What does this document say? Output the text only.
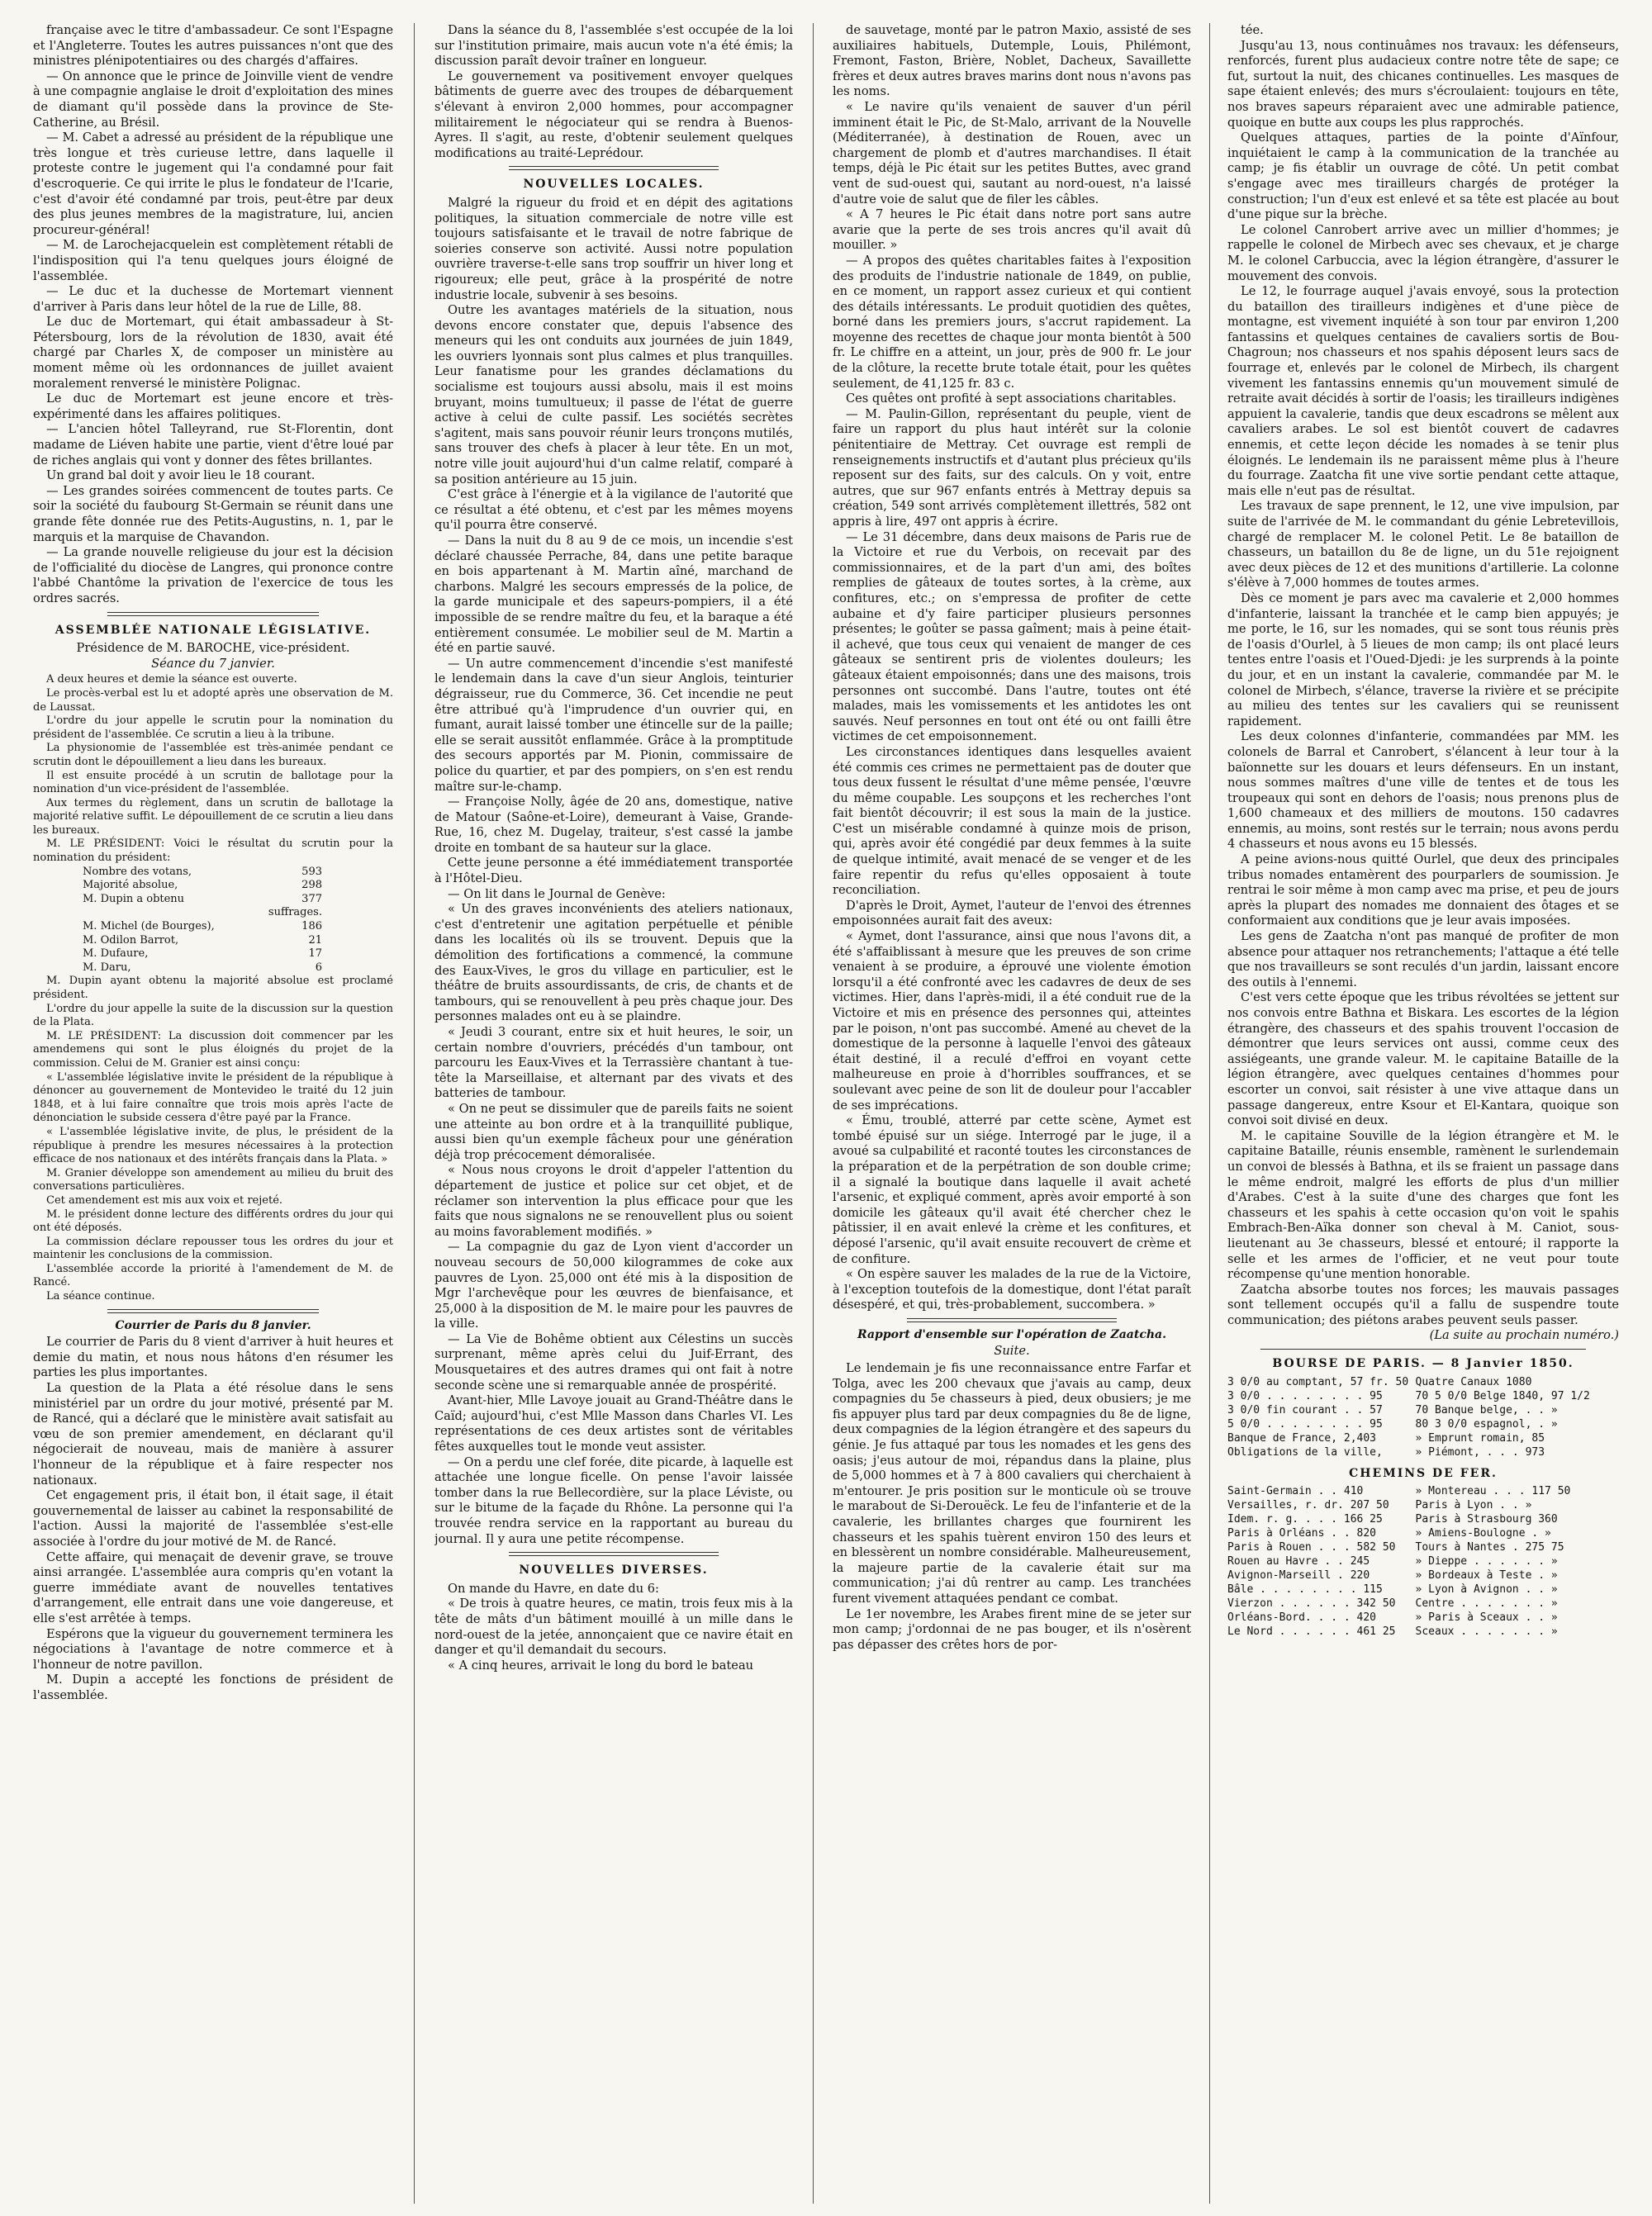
française avec le titre d'ambassadeur. Ce sont l'Espagne et l'Angleterre. Toutes les autres puissances n'ont que des ministres plénipotentiaires ou des chargés d'affaires.

— On annonce que le prince de Joinville vient de vendre à une compagnie anglaise le droit d'exploitation des mines de diamant qu'il possède dans la province de Ste-Catherine, au Brésil.

— M. Cabet a adressé au président de la république une très longue et très curieuse lettre, dans laquelle il proteste contre le jugement qui l'a condamné pour fait d'escroquerie. Ce qui irrite le plus le fondateur de l'Icarie, c'est d'avoir été condamné par trois, peut-être par deux des plus jeunes membres de la magistrature, lui, ancien procureur-général!

— M. de Larochejacquelein est complètement rétabli de l'indisposition qui l'a tenu quelques jours éloigné de l'assemblée.

— Le duc et la duchesse de Mortemart viennent d'arriver à Paris dans leur hôtel de la rue de Lille, 88.

Le duc de Mortemart, qui était ambassadeur à St-Pétersbourg, lors de la révolution de 1830, avait été chargé par Charles X, de composer un ministère au moment même où les ordonnances de juillet avaient moralement renversé le ministère Polignac.

Le duc de Mortemart est jeune encore et très-expérimenté dans les affaires politiques.

— L'ancien hôtel Talleyrand, rue St-Florentin, dont madame de Liéven habite une partie, vient d'être loué par de riches anglais qui vont y donner des fêtes brillantes.

Un grand bal doit y avoir lieu le 18 courant.

— Les grandes soirées commencent de toutes parts. Ce soir la société du faubourg St-Germain se réunit dans une grande fête donnée rue des Petits-Augustins, n. 1, par le marquis et la marquise de Chavandon.

— La grande nouvelle religieuse du jour est la décision de l'officialité du diocèse de Langres, qui prononce contre l'abbé Chantôme la privation de l'exercice de tous les ordres sacrés.

ASSEMBLÉE NATIONALE LÉGISLATIVE.
Présidence de M. BAROCHE, vice-président.
Séance du 7 janvier.

A deux heures et demie la séance est ouverte.

Le procès-verbal est lu et adopté après une observation de M. de Laussat.

L'ordre du jour appelle le scrutin pour la nomination du président de l'assemblée. Ce scrutin a lieu à la tribune.

La physionomie de l'assemblée est très-animée pendant ce scrutin dont le dépouillement a lieu dans les bureaux.

Il est ensuite procédé à un scrutin de ballotage pour la nomination d'un vice-président de l'assemblée.

Aux termes du règlement, dans un scrutin de ballotage la majorité relative suffit. Le dépouillement de ce scrutin a lieu dans les bureaux.

M. LE PRÉSIDENT: Voici le résultat du scrutin pour la nomination du président:

Nombre des votans,	593
Majorité absolue,	298
M. Dupin a obtenu	377 suffrages.
M. Michel (de Bourges),	186
M. Odilon Barrot,	21
M. Dufaure,	17
M. Daru,	6

M. Dupin ayant obtenu la majorité absolue est proclamé président.

L'ordre du jour appelle la suite de la discussion sur la question de la Plata.

M. LE PRÉSIDENT: La discussion doit commencer par les amendemens qui sont le plus éloignés du projet de la commission. Celui de M. Granier est ainsi conçu:

« L'assemblée législative invite le président de la république à dénoncer au gouvernement de Montevideo le traité du 12 juin 1848, et à lui faire connaître que trois mois après l'acte de dénonciation le subside cessera d'être payé par la France.

« L'assemblée législative invite, de plus, le président de la république à prendre les mesures nécessaires à la protection efficace de nos nationaux et des intérêts français dans la Plata. »

M. Granier développe son amendement au milieu du bruit des conversations particulières.

Cet amendement est mis aux voix et rejeté.

M. le président donne lecture des différents ordres du jour qui ont été déposés.

La commission déclare repousser tous les ordres du jour et maintenir les conclusions de la commission.

L'assemblée accorde la priorité à l'amendement de M. de Rancé.

La séance continue.

Courrier de Paris du 8 janvier.

Le courrier de Paris du 8 vient d'arriver à huit heures et demie du matin, et nous nous hâtons d'en résumer les parties les plus importantes.

La question de la Plata a été résolue dans le sens ministériel par un ordre du jour motivé, présenté par M. de Rancé, qui a déclaré que le ministère avait satisfait au vœu de son premier amendement, en déclarant qu'il négocierait de nouveau, mais de manière à assurer l'honneur de la république et à faire respecter nos nationaux.

Cet engagement pris, il était bon, il était sage, il était gouvernemental de laisser au cabinet la responsabilité de l'action. Aussi la majorité de l'assemblée s'est-elle associée à l'ordre du jour motivé de M. de Rancé.

Cette affaire, qui menaçait de devenir grave, se trouve ainsi arrangée. L'assemblée aura compris qu'en votant la guerre immédiate avant de nouvelles tentatives d'arrangement, elle entrait dans une voie dangereuse, et elle s'est arrêtée à temps.

Espérons que la vigueur du gouvernement terminera les négociations à l'avantage de notre commerce et à l'honneur de notre pavillon.

M. Dupin a accepté les fonctions de président de l'assemblée.

Dans la séance du 8, l'assemblée s'est occupée de la loi sur l'institution primaire, mais aucun vote n'a été émis; la discussion paraît devoir traîner en longueur.

Le gouvernement va positivement envoyer quelques bâtiments de guerre avec des troupes de débarquement s'élevant à environ 2,000 hommes, pour accompagner militairement le négociateur qui se rendra à Buenos-Ayres. Il s'agit, au reste, d'obtenir seulement quelques modifications au traité-Leprédour.

NOUVELLES LOCALES.

Malgré la rigueur du froid et en dépit des agitations politiques, la situation commerciale de notre ville est toujours satisfaisante et le travail de notre fabrique de soieries conserve son activité. Aussi notre population ouvrière traverse-t-elle sans trop souffrir un hiver long et rigoureux; elle peut, grâce à la prospérité de notre industrie locale, subvenir à ses besoins.

Outre les avantages matériels de la situation, nous devons encore constater que, depuis l'absence des meneurs qui les ont conduits aux journées de juin 1849, les ouvriers lyonnais sont plus calmes et plus tranquilles. Leur fanatisme pour les grandes déclamations du socialisme est toujours aussi absolu, mais il est moins bruyant, moins tumultueux; il passe de l'état de guerre active à celui de culte passif. Les sociétés secrètes s'agitent, mais sans pouvoir réunir leurs tronçons mutilés, sans trouver des chefs à placer à leur tête. En un mot, notre ville jouit aujourd'hui d'un calme relatif, comparé à sa position antérieure au 15 juin.

C'est grâce à l'énergie et à la vigilance de l'autorité que ce résultat a été obtenu, et c'est par les mêmes moyens qu'il pourra être conservé.

— Dans la nuit du 8 au 9 de ce mois, un incendie s'est déclaré chaussée Perrache, 84, dans une petite baraque en bois appartenant à M. Martin aîné, marchand de charbons. Malgré les secours empressés de la police, de la garde municipale et des sapeurs-pompiers, il a été impossible de se rendre maître du feu, et la baraque a été entièrement consumée. Le mobilier seul de M. Martin a été en partie sauvé.

— Un autre commencement d'incendie s'est manifesté le lendemain dans la cave d'un sieur Anglois, teinturier dégraisseur, rue du Commerce, 36. Cet incendie ne peut être attribué qu'à l'imprudence d'un ouvrier qui, en fumant, aurait laissé tomber une étincelle sur de la paille; elle se serait aussitôt enflammée. Grâce à la promptitude des secours apportés par M. Pionin, commissaire de police du quartier, et par des pompiers, on s'en est rendu maître sur-le-champ.

— Françoise Nolly, âgée de 20 ans, domestique, native de Matour (Saône-et-Loire), demeurant à Vaise, Grande-Rue, 16, chez M. Dugelay, traiteur, s'est cassé la jambe droite en tombant de sa hauteur sur la glace.

Cette jeune personne a été immédiatement transportée à l'Hôtel-Dieu.

— On lit dans le Journal de Genève:

« Un des graves inconvénients des ateliers nationaux, c'est d'entretenir une agitation perpétuelle et pénible dans les localités où ils se trouvent. Depuis que la démolition des fortifications a commencé, la commune des Eaux-Vives, le gros du village en particulier, est le théâtre de bruits assourdissants, de cris, de chants et de tambours, qui se renouvellent à peu près chaque jour. Des personnes malades ont eu à se plaindre.

« Jeudi 3 courant, entre six et huit heures, le soir, un certain nombre d'ouvriers, précédés d'un tambour, ont parcouru les Eaux-Vives et la Terrassière chantant à tue-tête la Marseillaise, et alternant par des vivats et des batteries de tambour.

« On ne peut se dissimuler que de pareils faits ne soient une atteinte au bon ordre et à la tranquillité publique, aussi bien qu'un exemple fâcheux pour une génération déjà trop précocement démoralisée.

« Nous nous croyons le droit d'appeler l'attention du département de justice et police sur cet objet, et de réclamer son intervention la plus efficace pour que les faits que nous signalons ne se renouvellent plus ou soient au moins favorablement modifiés. »

— La compagnie du gaz de Lyon vient d'accorder un nouveau secours de 50,000 kilogrammes de coke aux pauvres de Lyon. 25,000 ont été mis à la disposition de Mgr l'archevêque pour les œuvres de bienfaisance, et 25,000 à la disposition de M. le maire pour les pauvres de la ville.

— La Vie de Bohême obtient aux Célestins un succès surprenant, même après celui du Juif-Errant, des Mousquetaires et des autres drames qui ont fait à notre seconde scène une si remarquable année de prospérité.

Avant-hier, Mlle Lavoye jouait au Grand-Théâtre dans le Caïd; aujourd'hui, c'est Mlle Masson dans Charles VI. Les représentations de ces deux artistes sont de véritables fêtes auxquelles tout le monde veut assister.

— On a perdu une clef forée, dite picarde, à laquelle est attachée une longue ficelle. On pense l'avoir laissée tomber dans la rue Bellecordière, sur la place Léviste, ou sur le bitume de la façade du Rhône. La personne qui l'a trouvée rendra service en la rapportant au bureau du journal. Il y aura une petite récompense.

NOUVELLES DIVERSES.

On mande du Havre, en date du 6:

« De trois à quatre heures, ce matin, trois feux mis à la tête de mâts d'un bâtiment mouillé à un mille dans le nord-ouest de la jetée, annonçaient que ce navire était en danger et qu'il demandait du secours.

« A cinq heures, arrivait le long du bord le bateau

de sauvetage, monté par le patron Maxio, assisté de ses auxiliaires habituels, Dutemple, Louis, Philémont, Fremont, Faston, Brière, Noblet, Dacheux, Savaillette frères et deux autres braves marins dont nous n'avons pas les noms.

« Le navire qu'ils venaient de sauver d'un péril imminent était le Pic, de St-Malo, arrivant de la Nouvelle (Méditerranée), à destination de Rouen, avec un chargement de plomb et d'autres marchandises. Il était temps, déjà le Pic était sur les petites Buttes, avec grand vent de sud-ouest qui, sautant au nord-ouest, n'a laissé d'autre voie de salut que de filer les câbles.

« A 7 heures le Pic était dans notre port sans autre avarie que la perte de ses trois ancres qu'il avait dû mouiller. »

— A propos des quêtes charitables faites à l'exposition des produits de l'industrie nationale de 1849, on publie, en ce moment, un rapport assez curieux et qui contient des détails intéressants. Le produit quotidien des quêtes, borné dans les premiers jours, s'accrut rapidement. La moyenne des recettes de chaque jour monta bientôt à 500 fr. Le chiffre en a atteint, un jour, près de 900 fr. Le jour de la clôture, la recette brute totale était, pour les quêtes seulement, de 41,125 fr. 83 c.

Ces quêtes ont profité à sept associations charitables.

— M. Paulin-Gillon, représentant du peuple, vient de faire un rapport du plus haut intérêt sur la colonie pénitentiaire de Mettray. Cet ouvrage est rempli de renseignements instructifs et d'autant plus précieux qu'ils reposent sur des faits, sur des calculs. On y voit, entre autres, que sur 967 enfants entrés à Mettray depuis sa création, 549 sont arrivés complètement illettrés, 582 ont appris à lire, 497 ont appris à écrire.

— Le 31 décembre, dans deux maisons de Paris rue de la Victoire et rue du Verbois, on recevait par des commissionnaires, et de la part d'un ami, des boîtes remplies de gâteaux de toutes sortes, à la crème, aux confitures, etc.; on s'empressa de profiter de cette aubaine et d'y faire participer plusieurs personnes présentes; le goûter se passa gaîment; mais à peine était-il achevé, que tous ceux qui venaient de manger de ces gâteaux se sentirent pris de violentes douleurs; les gâteaux étaient empoisonnés; dans une des maisons, trois personnes ont succombé. Dans l'autre, toutes ont été malades, mais les vomissements et les antidotes les ont sauvés. Neuf personnes en tout ont été ou ont failli être victimes de cet empoisonnement.

Les circonstances identiques dans lesquelles avaient été commis ces crimes ne permettaient pas de douter que tous deux fussent le résultat d'une même pensée, l'œuvre du même coupable. Les soupçons et les recherches l'ont fait bientôt découvrir; il est sous la main de la justice. C'est un misérable condamné à quinze mois de prison, qui, après avoir été congédié par deux femmes à la suite de quelque intimité, avait menacé de se venger et de les faire repentir du refus qu'elles opposaient à toute reconciliation.

D'après le Droit, Aymet, l'auteur de l'envoi des étrennes empoisonnées aurait fait des aveux:

« Aymet, dont l'assurance, ainsi que nous l'avons dit, a été s'affaiblissant à mesure que les preuves de son crime venaient à se produire, a éprouvé une violente émotion lorsqu'il a été confronté avec les cadavres de deux de ses victimes. Hier, dans l'après-midi, il a été conduit rue de la Victoire et mis en présence des personnes qui, atteintes par le poison, n'ont pas succombé. Amené au chevet de la domestique de la personne à laquelle l'envoi des gâteaux était destiné, il a reculé d'effroi en voyant cette malheureuse en proie à d'horribles souffrances, et se soulevant avec peine de son lit de douleur pour l'accabler de ses imprécations.

« Ému, troublé, atterré par cette scène, Aymet est tombé épuisé sur un siége. Interrogé par le juge, il a avoué sa culpabilité et raconté toutes les circonstances de la préparation et de la perpétration de son double crime; il a signalé la boutique dans laquelle il avait acheté l'arsenic, et expliqué comment, après avoir emporté à son domicile les gâteaux qu'il avait été chercher chez le pâtissier, il en avait enlevé la crème et les confitures, et déposé l'arsenic, qu'il avait ensuite recouvert de crème et de confiture.

« On espère sauver les malades de la rue de la Victoire, à l'exception toutefois de la domestique, dont l'état paraît désespéré, et qui, très-probablement, succombera. »

Rapport d'ensemble sur l'opération de Zaatcha.
Suite.

Le lendemain je fis une reconnaissance entre Farfar et Tolga, avec les 200 chevaux que j'avais au camp, deux compagnies du 5e chasseurs à pied, deux obusiers; je me fis appuyer plus tard par deux compagnies du 8e de ligne, deux compagnies de la légion étrangère et des sapeurs du génie. Je fus attaqué par tous les nomades et les gens des oasis; j'eus autour de moi, répandus dans la plaine, plus de 5,000 hommes et à 7 à 800 cavaliers qui cherchaient à m'entourer. Je pris position sur le monticule où se trouve le marabout de Si-Derouëck. Le feu de l'infanterie et de la cavalerie, les brillantes charges que fournirent les chasseurs et les spahis tuèrent environ 150 des leurs et en blessèrent un nombre considérable. Malheureusement, la majeure partie de la cavalerie était sur ma communication; j'ai dû rentrer au camp. Les tranchées furent vivement attaquées pendant ce combat.

Le 1er novembre, les Arabes firent mine de se jeter sur mon camp; j'ordonnai de ne pas bouger, et ils n'osèrent pas dépasser des crêtes hors de por-

tée.

Jusqu'au 13, nous continuâmes nos travaux: les défenseurs, renforcés, furent plus audacieux contre notre tête de sape; ce fut, surtout la nuit, des chicanes continuelles. Les masques de sape étaient enlevés; des murs s'écroulaient: toujours en tête, nos braves sapeurs réparaient avec une admirable patience, quoique en butte aux coups les plus rapprochés.

Quelques attaques, parties de la pointe d'Aïnfour, inquiétaient le camp à la communication de la tranchée au camp; je fis établir un ouvrage de côté. Un petit combat s'engage avec mes tirailleurs chargés de protéger la construction; l'un d'eux est enlevé et sa tête est placée au bout d'une pique sur la brèche.

Le colonel Canrobert arrive avec un millier d'hommes; je rappelle le colonel de Mirbech avec ses chevaux, et je charge M. le colonel Carbuccia, avec la légion étrangère, d'assurer le mouvement des convois.

Le 12, le fourrage auquel j'avais envoyé, sous la protection du bataillon des tirailleurs indigènes et d'une pièce de montagne, est vivement inquiété à son tour par environ 1,200 fantassins et quelques centaines de cavaliers sortis de Bou-Chagroun; nos chasseurs et nos spahis déposent leurs sacs de fourrage et, enlevés par le colonel de Mirbech, ils chargent vivement les fantassins ennemis qu'un mouvement simulé de retraite avait décidés à sortir de l'oasis; les tirailleurs indigènes appuient la cavalerie, tandis que deux escadrons se mêlent aux cavaliers arabes. Le sol est bientôt couvert de cadavres ennemis, et cette leçon décide les nomades à se tenir plus éloignés. Le lendemain ils ne paraissent même plus à l'heure du fourrage. Zaatcha fit une vive sortie pendant cette attaque, mais elle n'eut pas de résultat.

Les travaux de sape prennent, le 12, une vive impulsion, par suite de l'arrivée de M. le commandant du génie Lebretevillois, chargé de remplacer M. le colonel Petit. Le 8e bataillon de chasseurs, un bataillon du 8e de ligne, un du 51e rejoignent avec deux pièces de 12 et des munitions d'artillerie. La colonne s'élève à 7,000 hommes de toutes armes.

Dès ce moment je pars avec ma cavalerie et 2,000 hommes d'infanterie, laissant la tranchée et le camp bien appuyés; je me porte, le 16, sur les nomades, qui se sont tous réunis près de l'oasis d'Ourlel, à 5 lieues de mon camp; ils ont placé leurs tentes entre l'oasis et l'Oued-Djedi: je les surprends à la pointe du jour, et en un instant la cavalerie, commandée par M. le colonel de Mirbech, s'élance, traverse la rivière et se précipite au milieu des tentes sur les cavaliers qui se reunissent rapidement.

Les deux colonnes d'infanterie, commandées par MM. les colonels de Barral et Canrobert, s'élancent à leur tour à la baïonnette sur les douars et leurs défenseurs. En un instant, nous sommes maîtres d'une ville de tentes et de tous les troupeaux qui sont en dehors de l'oasis; nous prenons plus de 1,600 chameaux et des milliers de moutons. 150 cadavres ennemis, au moins, sont restés sur le terrain; nous avons perdu 4 chasseurs et nous avons eu 15 blessés.

A peine avions-nous quitté Ourlel, que deux des principales tribus nomades entamèrent des pourparlers de soumission. Je rentrai le soir même à mon camp avec ma prise, et peu de jours après la plupart des nomades me donnaient des ôtages et se conformaient aux conditions que je leur avais imposées.

Les gens de Zaatcha n'ont pas manqué de profiter de mon absence pour attaquer nos retranchements; l'attaque a été telle que nos travailleurs se sont reculés d'un jardin, laissant encore des outils à l'ennemi.

C'est vers cette époque que les tribus révoltées se jettent sur nos convois entre Bathna et Biskara. Les escortes de la légion étrangère, des chasseurs et des spahis trouvent l'occasion de démontrer que leurs services ont aussi, comme ceux des assiégeants, une grande valeur. M. le capitaine Bataille de la légion étrangère, avec quelques centaines d'hommes pour escorter un convoi, sait résister à une vive attaque dans un passage dangereux, entre Ksour et El-Kantara, quoique son convoi soit divisé en deux.

M. le capitaine Souville de la légion étrangère et M. le capitaine Bataille, réunis ensemble, ramènent le surlendemain un convoi de blessés à Bathna, et ils se fraient un passage dans le même endroit, malgré les efforts de plus d'un millier d'Arabes. C'est à la suite d'une des charges que font les chasseurs et les spahis à cette occasion qu'on voit le spahis Embrach-Ben-Aïka donner son cheval à M. Caniot, sous-lieutenant au 3e chasseurs, blessé et entouré; il rapporte la selle et les armes de l'officier, et ne veut pour toute récompense qu'une mention honorable.

Zaatcha absorbe toutes nos forces; les mauvais passages sont tellement occupés qu'il a fallu de suspendre toute communication; des piétons arabes peuvent seuls passer.

(La suite au prochain numéro.)
BOURSE DE PARIS. — 8 Janvier 1850.
3 0/0 au comptant, 57 fr. 50 Quatre Canaux 1080
3 0/0 . . . . . . . . 95	70 5 0/0 Belge 1840, 97 1/2
3 0/0 fin courant . . 57	70 Banque belge, . . »
5 0/0 . . . . . . . . 95	80 3 0/0 espagnol, . »
Banque de France, 2,403	» Emprunt romain, 85
Obligations de la ville,	» Piémont, . . . 973
CHEMINS DE FER.
Saint-Germain . . 410	» Montereau . . . 117 50
Versailles, r. dr. 207 50	Paris à Lyon . . »
Idem. r. g. . . . 166 25	Paris à Strasbourg 360
Paris à Orléans . . 820	» Amiens-Boulogne . »
Paris à Rouen . . . 582 50	Tours à Nantes . 275 75
Rouen au Havre . . 245	» Dieppe . . . . . . »
Avignon-Marseill . 220	» Bordeaux à Teste . »
Bâle . . . . . . . . 115	» Lyon à Avignon . . »
Vierzon . . . . . . 342 50	Centre . . . . . . . »
Orléans-Bord. . . . 420	» Paris à Sceaux . . »
Le Nord . . . . . . 461 25	Sceaux . . . . . . . »
